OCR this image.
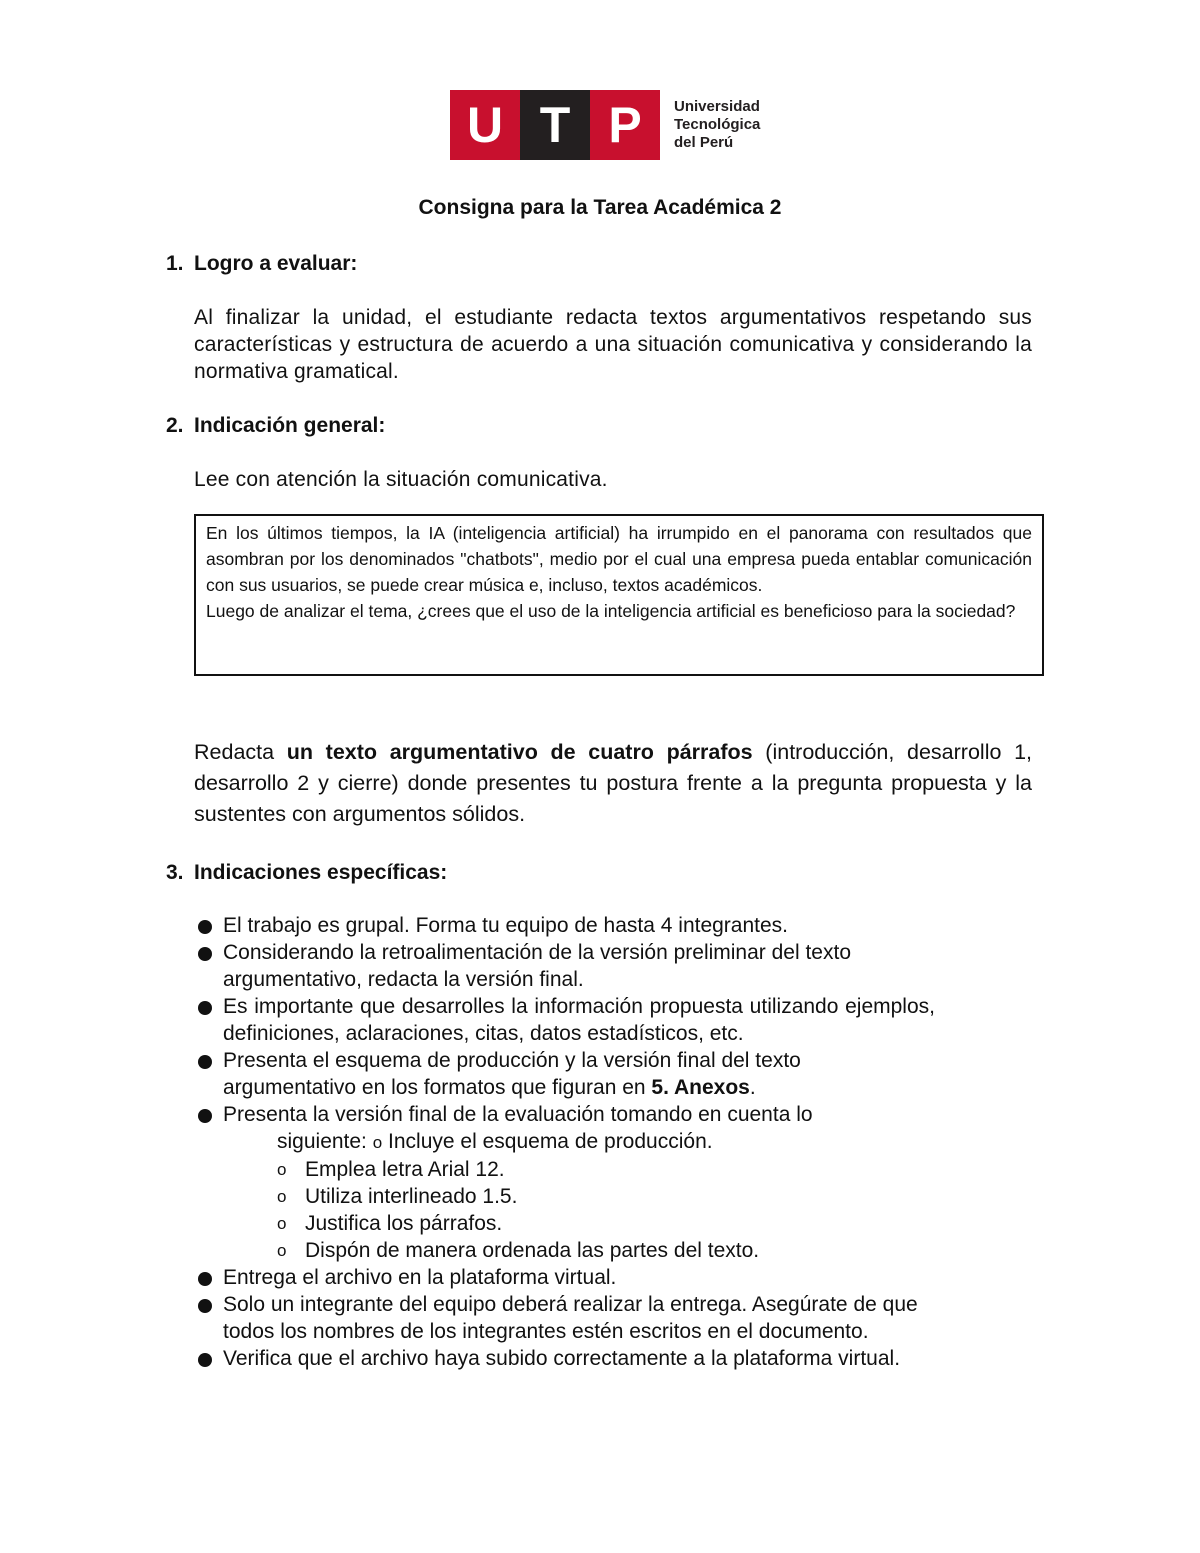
U T P	Universidad
Tecnológica
del Perú
Consigna para la Tarea Académica 2
1. Logro a evaluar:
Al finalizar la unidad, el estudiante redacta textos argumentativos respetando sus características y estructura de acuerdo a una situación comunicativa y considerando la normativa gramatical.
2. Indicación general:
Lee con atención la situación comunicativa.

En los últimos tiempos, la IA (inteligencia artificial) ha irrumpido en el panorama con resultados que asombran por los denominados "chatbots", medio por el cual una empresa pueda entablar comunicación con sus usuarios, se puede crear música e, incluso, textos académicos.

Luego de analizar el tema, ¿crees que el uso de la inteligencia artificial es beneficioso para la sociedad?

Redacta un texto argumentativo de cuatro párrafos (introducción, desarrollo 1, desarrollo 2 y cierre) donde presentes tu postura frente a la pregunta propuesta y la sustentes con argumentos sólidos.
3. Indicaciones específicas:
El trabajo es grupal. Forma tu equipo de hasta 4 integrantes.
Considerando la retroalimentación de la versión preliminar del texto
argumentativo, redacta la versión final.
Es importante que desarrolles la información propuesta utilizando ejemplos, definiciones, aclaraciones, citas, datos estadísticos, etc.
Presenta el esquema de producción y la versión final del texto
argumentativo en los formatos que figuran en 5. Anexos.
Presenta la versión final de la evaluación tomando en cuenta lo
siguiente: o Incluye el esquema de producción.
o Emplea letra Arial 12.
o Utiliza interlineado 1.5.
o Justifica los párrafos.
o Dispón de manera ordenada las partes del texto.
Entrega el archivo en la plataforma virtual.
Solo un integrante del equipo deberá realizar la entrega. Asegúrate de que
todos los nombres de los integrantes estén escritos en el documento.
Verifica que el archivo haya subido correctamente a la plataforma virtual.
